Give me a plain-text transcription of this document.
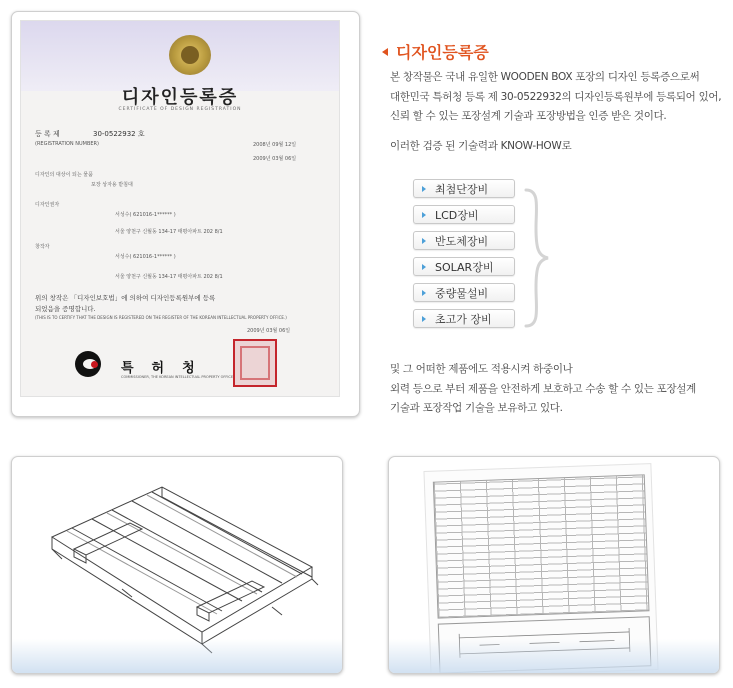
디자인등록증
CERTIFICATE OF DESIGN REGISTRATION
등 록 제	30-0522932 호
(REGISTRATION NUMBER)	2008년 09월 12일
2009년 03월 06일
디자인의 대상이 되는 물품
포장 상자용 받침대
디자인권자
서성수( 621016-1****** )
서울 양천구 신월동 134-17 태평아파트 202 8/1
창작자
서성수( 621016-1****** )
서울 양천구 신월동 134-17 태평아파트 202 8/1
위의 창작은 「디자인보호법」에 의하여 디자인등록원부에 등록
되었음을 증명합니다.
(THIS IS TO CERTIFY THAT THE DESIGN IS REGISTERED ON THE REGISTER OF THE KOREAN INTELLECTUAL PROPERTY OFFICE.)
2009년 03월 06일
특허청
COMMISSIONER, THE KOREAN INTELLECTUAL PROPERTY OFFICE
디자인등록증
본 창작물은 국내 유일한 WOODEN BOX 포장의 디자인 등록증으로써
대한민국 특허청 등록 제 30-0522932의 디자인등록원부에 등록되어 있어,
신뢰 할 수 있는 포장설계 기술과 포장방법을 인증 받은 것이다.
이러한 검증 된 기술력과 KNOW-HOW로
최첨단장비
LCD장비
반도체장비
SOLAR장비
중량물설비
초고가 장비
및 그 어떠한 제품에도 적용시켜 하중이나
외력 등으로 부터 제품을 안전하게 보호하고 수송 할 수 있는 포장설계
기술과 포장작업 기술을 보유하고 있다.
